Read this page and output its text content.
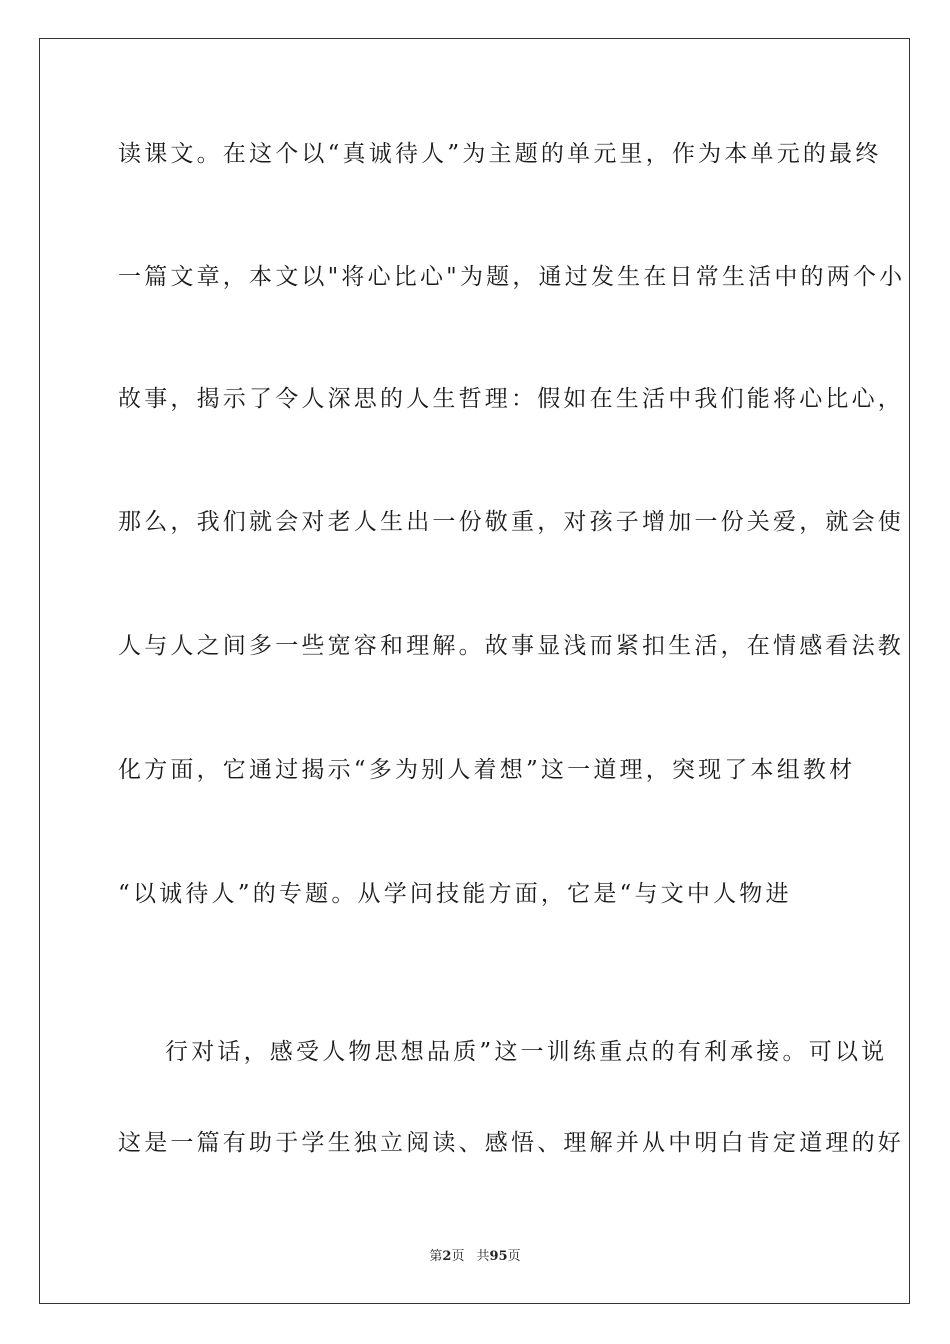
读课文。在这个以“真诚待人”为主题的单元里，作为本单元的最终
一篇文章，本文以"将心比心"为题，通过发生在日常生活中的两个小
故事，揭示了令人深思的人生哲理：假如在生活中我们能将心比心，
那么，我们就会对老人生出一份敬重，对孩子增加一份关爱，就会使
人与人之间多一些宽容和理解。故事显浅而紧扣生活，在情感看法教
化方面，它通过揭示“多为别人着想”这一道理，突现了本组教材
“以诚待人”的专题。从学问技能方面，它是“与文中人物进
行对话，感受人物思想品质”这一训练重点的有利承接。可以说
这是一篇有助于学生独立阅读、感悟、理解并从中明白肯定道理的好
第2页 共95页
